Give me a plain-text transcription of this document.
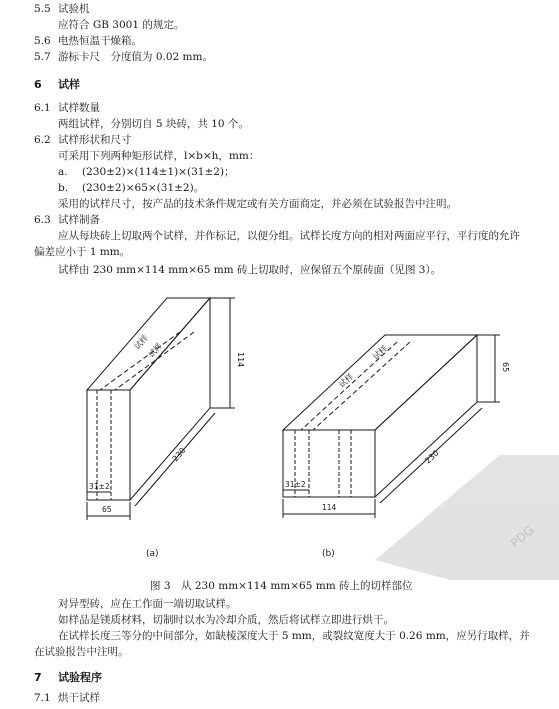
5.5 试验机
应符合 GB 3001 的规定。
5.6 电热恒温干燥箱。
5.7 游标卡尺　分度值为 0.02 mm。
6 试样
6.1 试样数量
两组试样，分别切自 5 块砖，共 10 个。
6.2 试样形状和尺寸
可采用下列两种矩形试样，l×b×h，mm：
a. (230±2)×(114±1)×(31±2)；
b. (230±2)×65×(31±2)。
采用的试样尺寸，按产品的技术条件规定或有关方面商定，并必须在试验报告中注明。
6.3 试样制备
应从每块砖上切取两个试样，并作标记，以便分组。试样长度方向的相对两面应平行，平行度的允许
偏差应小于 1 mm。
试样由 230 mm×114 mm×65 mm 砖上切取时，应保留五个原砖面（见图 3）。
试样
试样
114
230
31±2
65
(a)
试样
试样
65
230
31±2
114
(b)
PDG
图 3　从 230 mm×114 mm×65 mm 砖上的切样部位
对异型砖，应在工作面一端切取试样。
如样品是镁质材料，切制时以水为冷却介质，然后将试样立即进行烘干。
在试样长度三等分的中间部分，如缺棱深度大于 5 mm，或裂纹宽度大于 0.26 mm，应另行取样，并
在试验报告中注明。
7 试验程序
7.1 烘干试样
